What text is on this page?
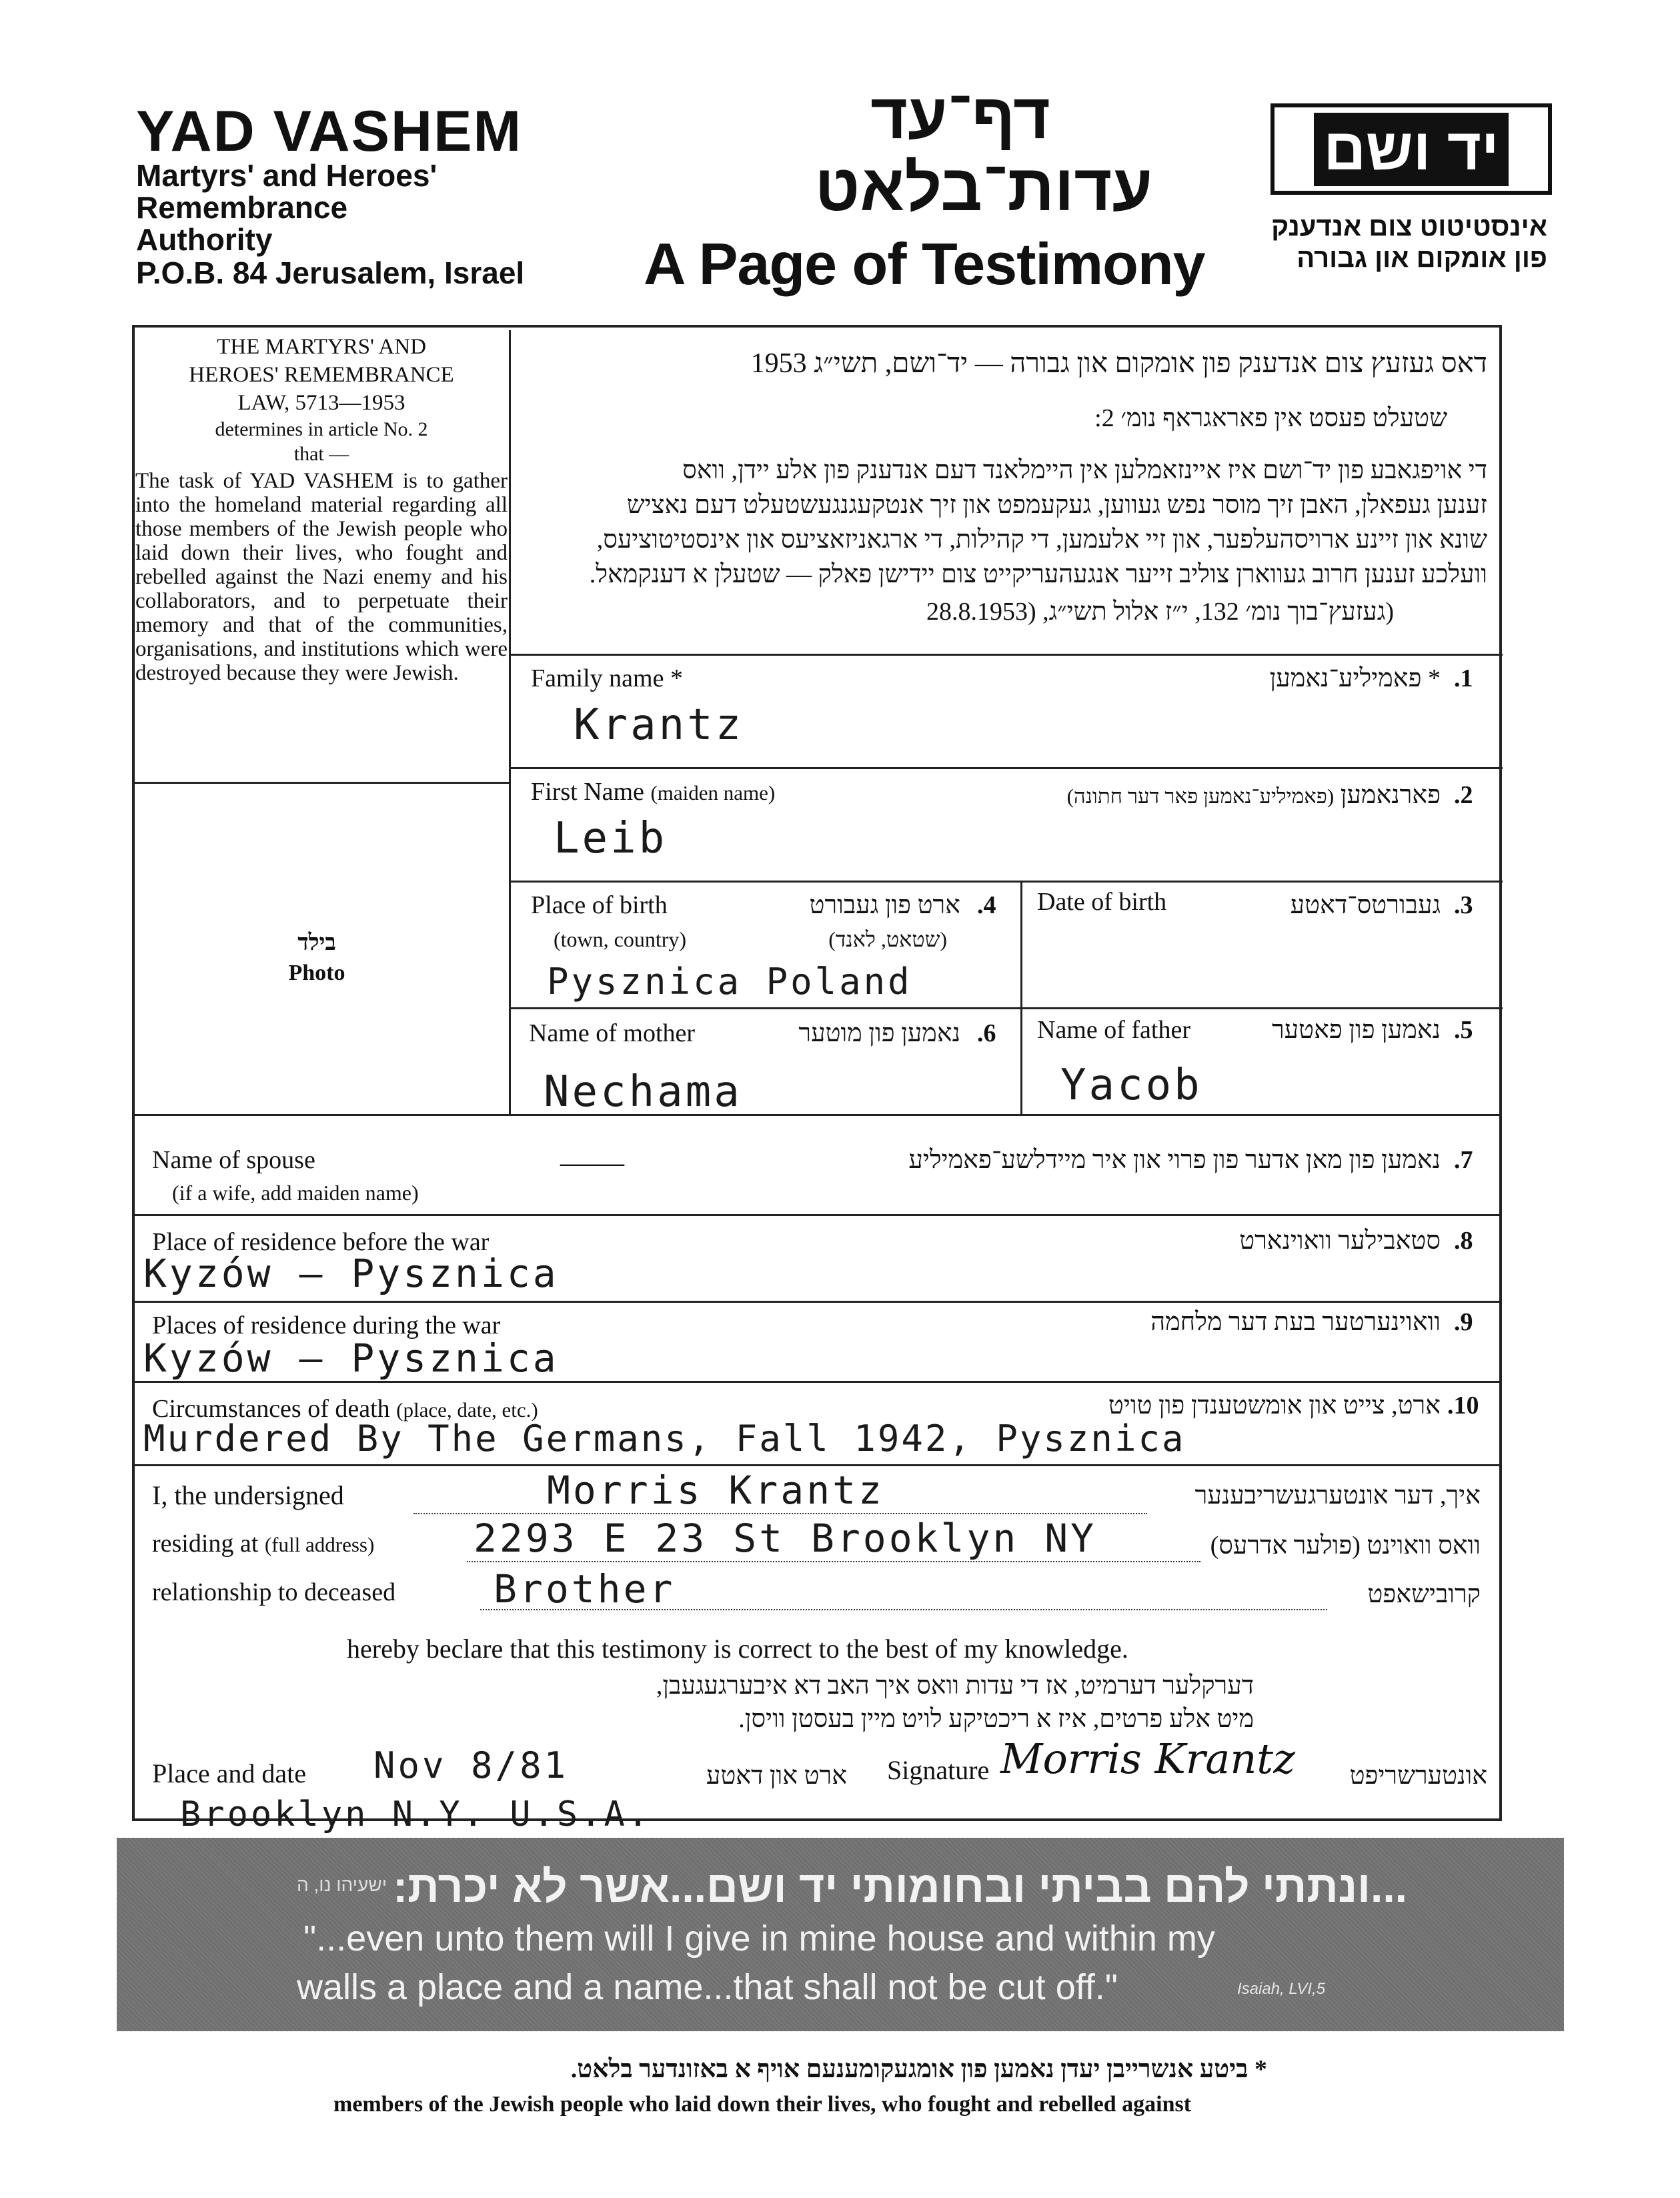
YAD VASHEM
Martyrs' and Heroes'
Remembrance
Authority
P.O.B. 84 Jerusalem, Israel
דף־עד
עדות־בלאט
A Page of Testimony
יד ושם
אינסטיטוט צום אנדענק
פון אומקום און גבורה
THE MARTYRS' AND
HEROES' REMEMBRANCE
LAW, 5713—1953
determines in article No. 2
that —
The task of YAD VASHEM is to gather into the homeland material regarding all those members of the Jewish people who laid down their lives, who fought and rebelled against the Nazi enemy and his collaborators, and to perpetuate their memory and that of the communities, organisations, and institutions which were destroyed because they were Jewish.
בילד
Photo
דאס געזעץ צום אנדענק פון אומקום און גבורה — יד־ושם, תשי״ג 1953
שטעלט פעסט אין פאראגראף נומ׳ 2:
די אויפגאבע פון יד־ושם איז איינזאמלען אין היימלאנד דעם אנדענק פון אלע יידן, וואס
זענען געפאלן, האבן זיך מוסר נפש געווען, געקעמפט און זיך אנטקעגנגעשטעלט דעם נאציש
שונא און זיינע ארויסהעלפער, און זיי אלעמען, די קהילות, די ארגאניזאציעס און אינסטיטוציעס,
וועלכע זענען חרוב געווארן צוליב זייער אנגעהעריקייט צום יידישן פאלק — שטעלן א דענקמאל.
(געזעץ־בוך נומ׳ 132, י״ז אלול תשי״ג, (28.8.1953
Family name *	* פאמיליע־נאמען .1
Krantz
First Name (maiden name)	פארנאמען (פאמיליע־נאמען פאר דער חתונה)	.2
Leib
Place of birth	ארט פון געבורט .4
(town, country)	(שטאט, לאנד)
Pysznica Poland
Date of birth	געבורטס־דאטע .3
Name of mother	נאמען פון מוטער .6
Nechama
Name of father	נאמען פון פאטער .5
Yacob
Name of spouse
(if a wife, add maiden name)
נאמען פון מאן אדער פון פרוי און איר מיידלשע־פאמיליע .7
——
Place of residence before the war	סטאבילער וואוינארט .8
Kyzów – Pysznica
Places of residence during the war	וואוינערטער בעת דער מלחמה .9
Kyzów – Pysznica
Circumstances of death (place, date, etc.)	ארט, צייט און אומשטענדן פון טויט .10
Murdered By The Germans, Fall 1942, Pysznica
I, the undersigned	Morris Krantz	איך, דער אונטערגעשריבענער
residing at (full address)	2293 E 23 St Brooklyn NY	וואס וואוינט (פולער אדרעס)
relationship to deceased	Brother	קרובישאפט
hereby beclare that this testimony is correct to the best of my knowledge.
דערקלער דערמיט, אז די עדות וואס איך האב דא איבערגעגעבן,
מיט אלע פרטים, איז א ריכטיקע לויט מיין בעסטן וויסן.
Place and date Nov 8/81	ארט און דאטע
Brooklyn N.Y. U.S.A.
Signature Morris Krantz	אונטערשריפט
...ונתתי להם בביתי ובחומותי יד ושם...אשר לא יכרת:
ישעיהו נו, ה
"...even unto them will I give in mine house and within my
walls a place and a name...that shall not be cut off."	Isaiah, LVI,5
* ביטע אנשרייבן יעדן נאמען פון אומגעקומענעם אויף א באזונדער בלאט.
members of the Jewish people who laid down their lives, who fought and rebelled against
